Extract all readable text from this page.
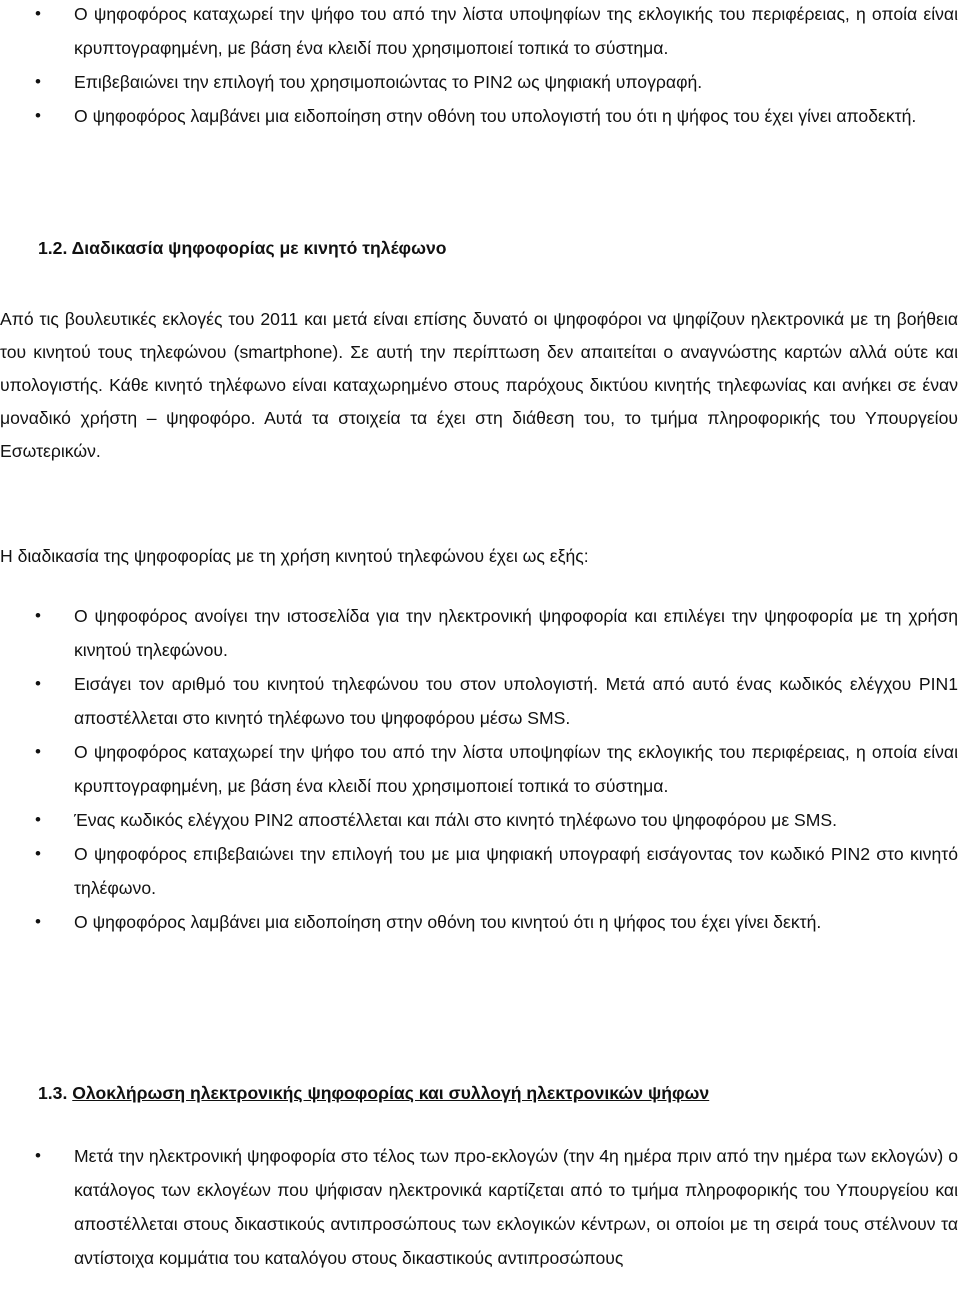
• Ο ψηφοφόρος καταχωρεί την ψήφο του από την λίστα υποψηφίων της εκλογικής του περιφέρειας, η οποία είναι κρυπτογραφημένη, με βάση ένα κλειδί που χρησιμοποιεί τοπικά το σύστημα.
• Επιβεβαιώνει την επιλογή του χρησιμοποιώντας το PIN2 ως ψηφιακή υπογραφή.
• Ο ψηφοφόρος λαμβάνει μια ειδοποίηση στην οθόνη του υπολογιστή του ότι η ψήφος του έχει γίνει αποδεκτή.
1.2. Διαδικασία ψηφοφορίας με κινητό τηλέφωνο

Από τις βουλευτικές εκλογές του 2011 και μετά είναι επίσης δυνατό οι ψηφοφόροι να ψηφίζουν ηλεκτρονικά με τη βοήθεια του κινητού τους τηλεφώνου (smartphone). Σε αυτή την περίπτωση δεν απαιτείται ο αναγνώστης καρτών αλλά ούτε και υπολογιστής. Κάθε κινητό τηλέφωνο είναι καταχωρημένο στους παρόχους δικτύου κινητής τηλεφωνίας και ανήκει σε έναν μοναδικό χρήστη – ψηφοφόρο. Αυτά τα στοιχεία τα έχει στη διάθεση του, το τμήμα πληροφορικής του Υπουργείου Εσωτερικών.

Η διαδικασία της ψηφοφορίας με τη χρήση κινητού τηλεφώνου έχει ως εξής:

• Ο ψηφοφόρος ανοίγει την ιστοσελίδα για την ηλεκτρονική ψηφοφορία και επιλέγει την ψηφοφορία με τη χρήση κινητού τηλεφώνου.
• Εισάγει τον αριθμό του κινητού τηλεφώνου του στον υπολογιστή. Μετά από αυτό ένας κωδικός ελέγχου PIN1 αποστέλλεται στο κινητό τηλέφωνο του ψηφοφόρου μέσω SMS.
• Ο ψηφοφόρος καταχωρεί την ψήφο του από την λίστα υποψηφίων της εκλογικής του περιφέρειας, η οποία είναι κρυπτογραφημένη, με βάση ένα κλειδί που χρησιμοποιεί τοπικά το σύστημα.
• Ένας κωδικός ελέγχου PIN2 αποστέλλεται και πάλι στο κινητό τηλέφωνο του ψηφοφόρου με SMS.
• Ο ψηφοφόρος επιβεβαιώνει την επιλογή του με μια ψηφιακή υπογραφή εισάγοντας τον κωδικό PIN2 στο κινητό τηλέφωνο.
• Ο ψηφοφόρος λαμβάνει μια ειδοποίηση στην οθόνη του κινητού ότι η ψήφος του έχει γίνει δεκτή.
1.3. Ολοκλήρωση ηλεκτρονικής ψηφοφορίας και συλλογή ηλεκτρονικών ψήφων
• Μετά την ηλεκτρονική ψηφοφορία στο τέλος των προ-εκλογών (την 4η ημέρα πριν από την ημέρα των εκλογών) ο κατάλογος των εκλογέων που ψήφισαν ηλεκτρονικά καρτίζεται από το τμήμα πληροφορικής του Υπουργείου και αποστέλλεται στους δικαστικούς αντιπροσώπους των εκλογικών κέντρων, οι οποίοι με τη σειρά τους στέλνουν τα αντίστοιχα κομμάτια του καταλόγου στους δικαστικούς αντιπροσώπους
